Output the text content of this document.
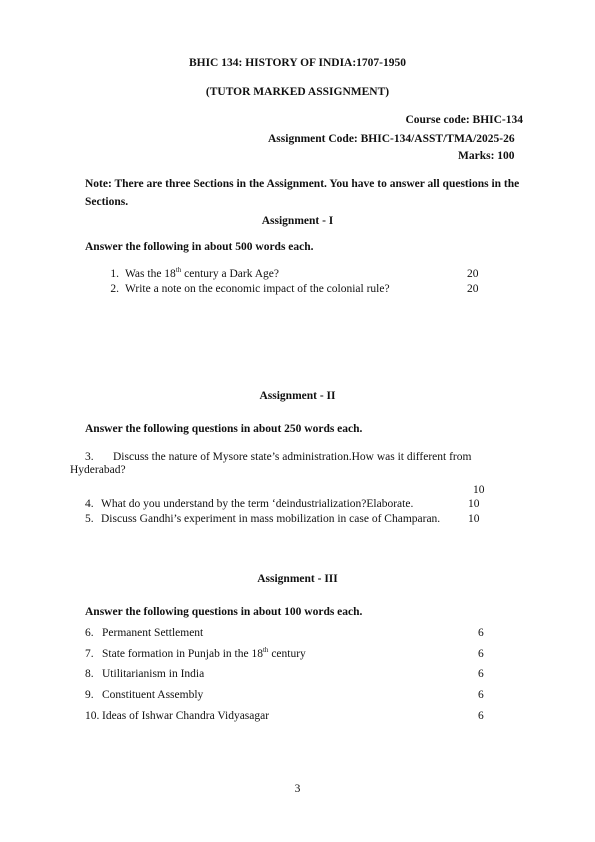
BHIC 134: HISTORY OF INDIA:1707-1950
(TUTOR MARKED ASSIGNMENT)
Course code: BHIC-134
Assignment Code: BHIC-134/ASST/TMA/2025-26
Marks: 100
Note: There are three Sections in the Assignment. You have to answer all questions in the Sections.
Assignment - I
Answer the following in about 500 words each.
1. Was the 18th century a Dark Age?	20
2. Write a note on the economic impact of the colonial rule?	20
Assignment - II
Answer the following questions in about 250 words each.
3. Discuss the nature of Mysore state’s administration.How was it different from
Hyderabad?
10
4. What do you understand by the term ‘deindustrialization?Elaborate.	10
5. Discuss Gandhi’s experiment in mass mobilization in case of Champaran. 10
Assignment - III
Answer the following questions in about 100 words each.
6. Permanent Settlement	6
7. State formation in Punjab in the 18th century	6
8. Utilitarianism in India	6
9. Constituent Assembly	6
10. Ideas of Ishwar Chandra Vidyasagar	6
3
